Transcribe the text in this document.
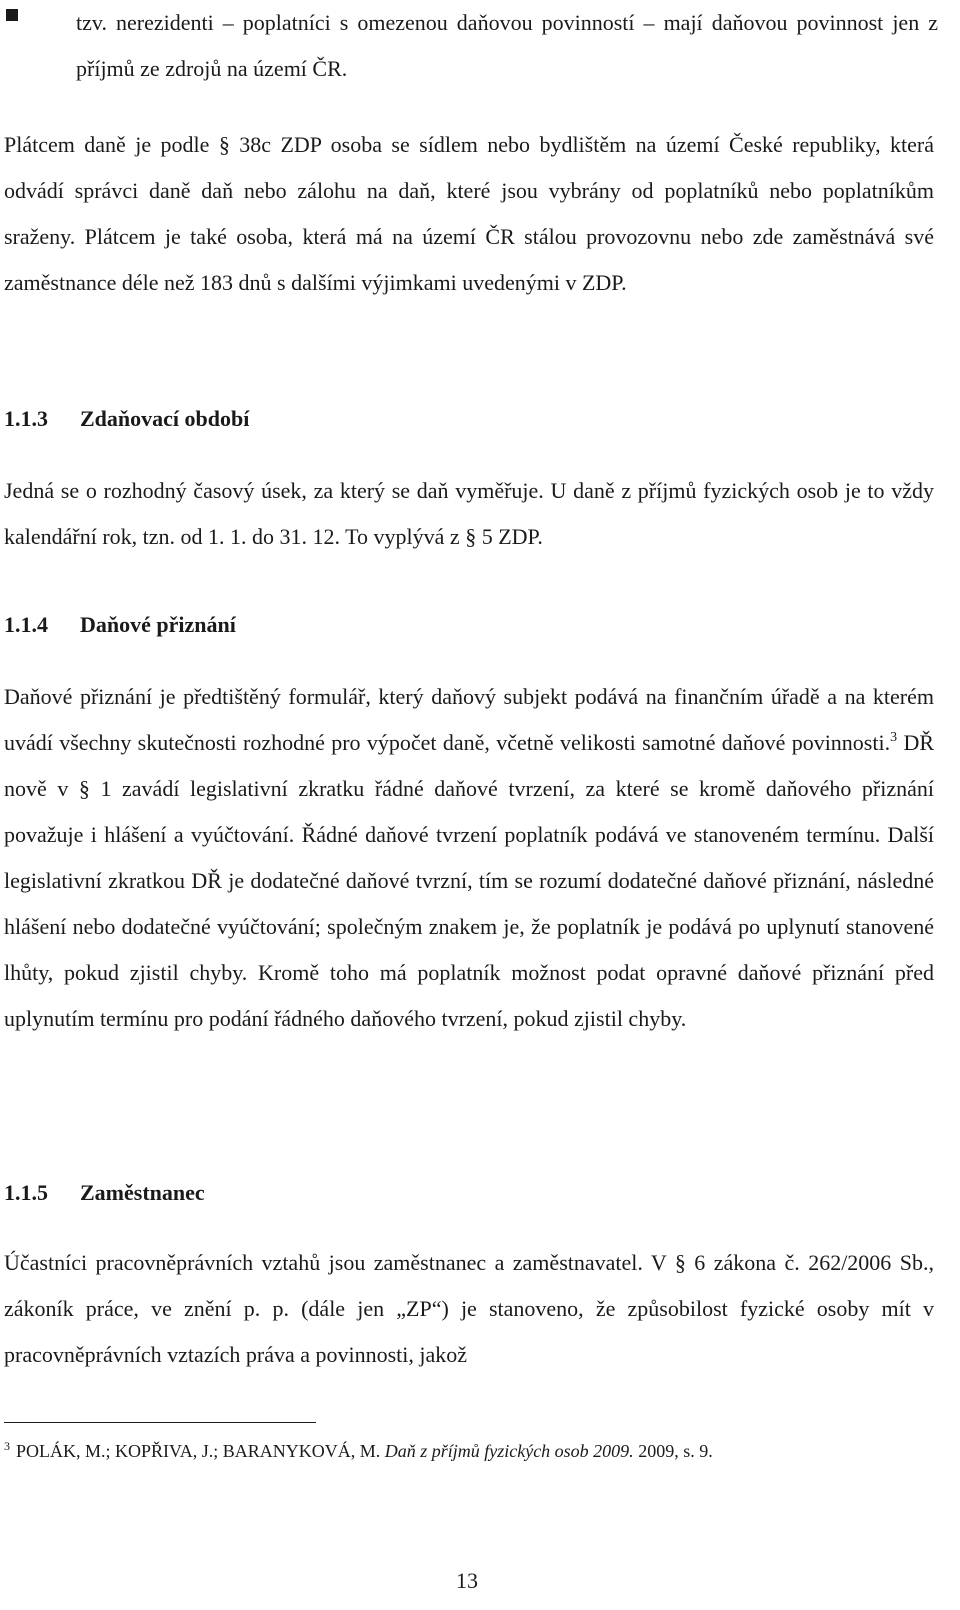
tzv. nerezidenti – poplatníci s omezenou daňovou povinností – mají daňovou povinnost jen z příjmů ze zdrojů na území ČR.

Plátcem daně je podle § 38c ZDP osoba se sídlem nebo bydlištěm na území České republiky, která odvádí správci daně daň nebo zálohu na daň, které jsou vybrány od poplatníků nebo poplatníkům sraženy. Plátcem je také osoba, která má na území ČR stálou provozovnu nebo zde zaměstnává své zaměstnance déle než 183 dnů s dalšími výjimkami uvedenými v ZDP.

1.1.3 Zdaňovací období

Jedná se o rozhodný časový úsek, za který se daň vyměřuje. U daně z příjmů fyzických osob je to vždy kalendářní rok, tzn. od 1. 1. do 31. 12. To vyplývá z § 5 ZDP.

1.1.4 Daňové přiznání

Daňové přiznání je předtištěný formulář, který daňový subjekt podává na finančním úřadě a na kterém uvádí všechny skutečnosti rozhodné pro výpočet daně, včetně velikosti samotné daňové povinnosti.$^3$ DŘ nově v § 1 zavádí legislativní zkratku řádné daňové tvrzení, za které se kromě daňového přiznání považuje i hlášení a vyúčtování. Řádné daňové tvrzení poplatník podává ve stanoveném termínu. Další legislativní zkratkou DŘ je dodatečné daňové tvrzní, tím se rozumí dodatečné daňové přiznání, následné hlášení nebo dodatečné vyúčtování; společným znakem je, že poplatník je podává po uplynutí stanovené lhůty, pokud zjistil chyby. Kromě toho má poplatník možnost podat opravné daňové přiznání před uplynutím termínu pro podání řádného daňového tvrzení, pokud zjistil chyby.

1.1.5 Zaměstnanec

Účastníci pracovněprávních vztahů jsou zaměstnanec a zaměstnavatel. V § 6 zákona č. 262/2006 Sb., zákoník práce, ve znění p. p. (dále jen „ZP“) je stanoveno, že způsobilost fyzické osoby mít v pracovněprávních vztazích práva a povinnosti, jakož

$^3$ POLÁK, M.; KOPŘIVA, J.; BARANYKOVÁ, M. Daň z příjmů fyzických osob 2009. 2009, s. 9.
13
